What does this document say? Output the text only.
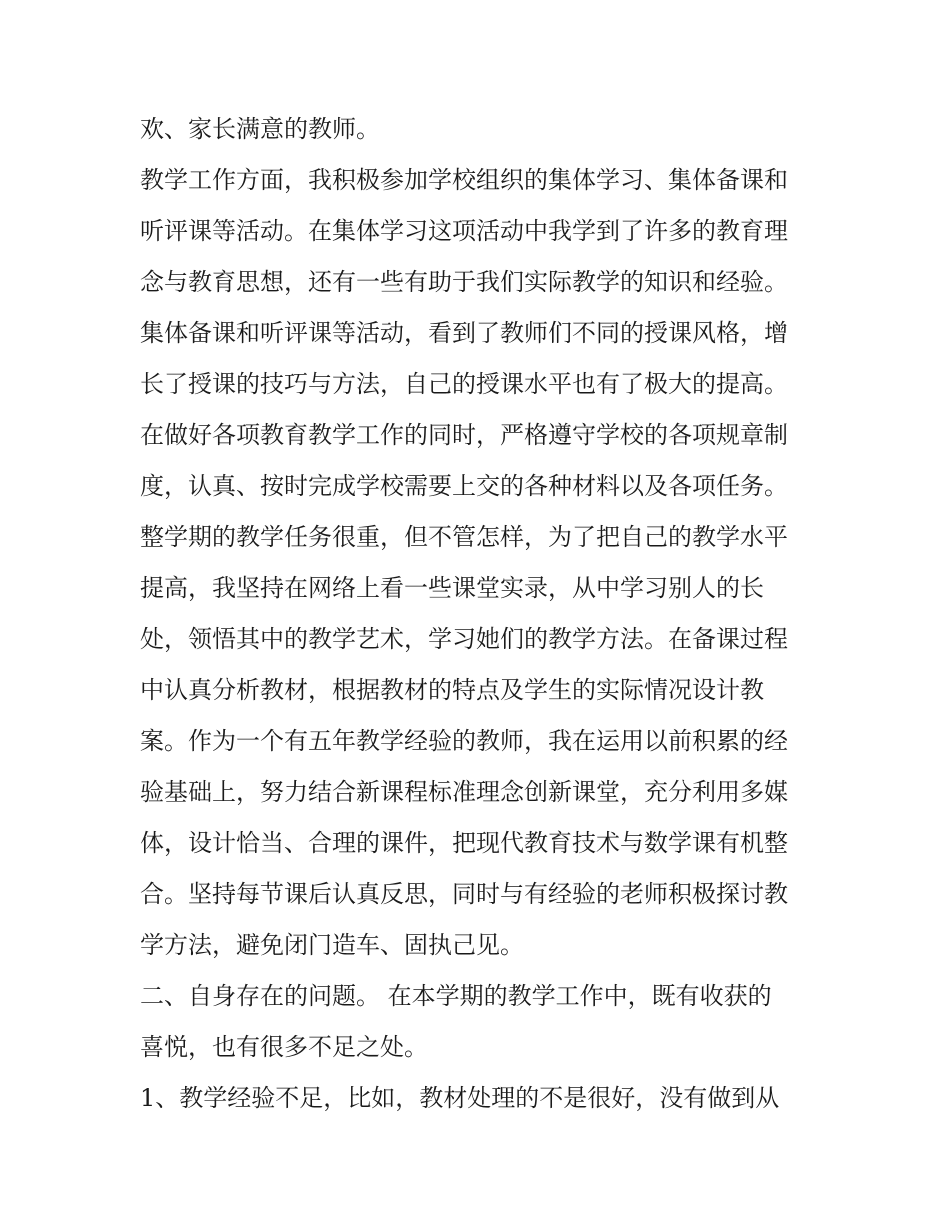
欢、家长满意的教师。
教学工作方面，我积极参加学校组织的集体学习、集体备课和
听评课等活动。在集体学习这项活动中我学到了许多的教育理
念与教育思想，还有一些有助于我们实际教学的知识和经验。
集体备课和听评课等活动，看到了教师们不同的授课风格，增
长了授课的技巧与方法，自己的授课水平也有了极大的提高。
在做好各项教育教学工作的同时，严格遵守学校的各项规章制
度，认真、按时完成学校需要上交的各种材料以及各项任务。
整学期的教学任务很重，但不管怎样，为了把自己的教学水平
提高，我坚持在网络上看一些课堂实录，从中学习别人的长
处，领悟其中的教学艺术，学习她们的教学方法。在备课过程
中认真分析教材，根据教材的特点及学生的实际情况设计教
案。作为一个有五年教学经验的教师，我在运用以前积累的经
验基础上，努力结合新课程标准理念创新课堂，充分利用多媒
体，设计恰当、合理的课件，把现代教育技术与数学课有机整
合。坚持每节课后认真反思，同时与有经验的老师积极探讨教
学方法，避免闭门造车、固执己见。
二、自身存在的问题。 在本学期的教学工作中，既有收获的
喜悦，也有很多不足之处。
1、教学经验不足，比如，教材处理的不是很好，没有做到从
